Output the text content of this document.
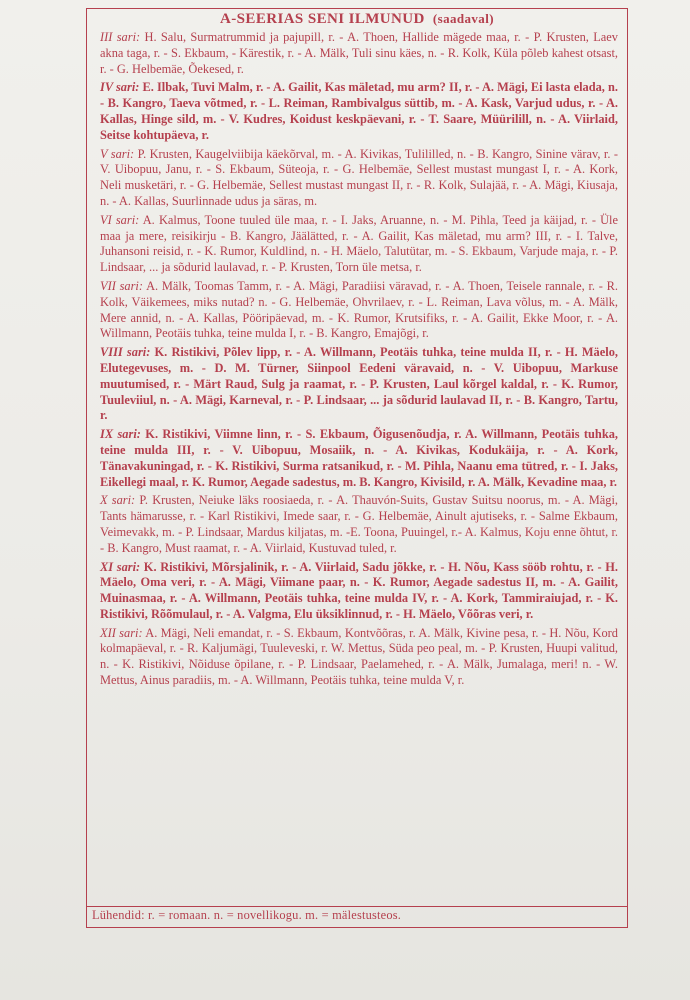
A-SEERIAS SENI ILMUNUD (saadaval)

III sari: H. Salu, Surmatrummid ja pajupill, r. - A. Thoen, Hallide mägede maa, r. - P. Krusten, Laev akna taga, r. - S. Ekbaum, - Kärestik, r. - A. Mälk, Tuli sinu käes, n. - R. Kolk, Küla põleb kahest otsast, r. - G. Helbemäe, Õekesed, r.

IV sari: E. Ilbak, Tuvi Malm, r. - A. Gailit, Kas mäletad, mu arm? II, r. - A. Mägi, Ei lasta elada, n. - B. Kangro, Taeva võtmed, r. - L. Reiman, Rambivalgus süttib, m. - A. Kask, Varjud udus, r. - A. Kallas, Hinge sild, m. - V. Kudres, Koidust keskpäevani, r. - T. Saare, Müürilill, n. - A. Viirlaid, Seitse kohtupäeva, r.

V sari: P. Krusten, Kaugelviibija käekõrval, m. - A. Kivikas, Tulililled, n. - B. Kangro, Sinine värav, r. - V. Uibopuu, Janu, r. - S. Ekbaum, Süteoja, r. - G. Helbemäe, Sellest mustast mungast I, r. - A. Kork, Neli musketäri, r. - G. Helbemäe, Sellest mustast mungast II, r. - R. Kolk, Sulajää, r. - A. Mägi, Kiusaja, n. - A. Kallas, Suurlinnade udus ja säras, m.

VI sari: A. Kalmus, Toone tuuled üle maa, r. - I. Jaks, Aruanne, n. - M. Pihla, Teed ja käijad, r. - Üle maa ja mere, reisikirju - B. Kangro, Jäälätted, r. - A. Gailit, Kas mäletad, mu arm? III, r. - I. Talve, Juhansoni reisid, r. - K. Rumor, Kuldlind, n. - H. Mäelo, Talutütar, m. - S. Ekbaum, Varjude maja, r. - P. Lindsaar, ... ja sõdurid laulavad, r. - P. Krusten, Torn üle metsa, r.

VII sari: A. Mälk, Toomas Tamm, r. - A. Mägi, Paradiisi väravad, r. - A. Thoen, Teisele rannale, r. - R. Kolk, Väikemees, miks nutad? n. - G. Helbemäe, Ohvrilaev, r. - L. Reiman, Lava võlus, m. - A. Mälk, Mere annid, n. - A. Kallas, Pööripäevad, m. - K. Rumor, Krutsifiks, r. - A. Gailit, Ekke Moor, r. - A. Willmann, Peotäis tuhka, teine mulda I, r. - B. Kangro, Emajõgi, r.

VIII sari: K. Ristikivi, Põlev lipp, r. - A. Willmann, Peotäis tuhka, teine mulda II, r. - H. Mäelo, Elutegevuses, m. - D. M. Türner, Siinpool Eedeni väravaid, n. - V. Uibopuu, Markuse muutumised, r. - Märt Raud, Sulg ja raamat, r. - P. Krusten, Laul kõrgel kaldal, r. - K. Rumor, Tuuleviiul, n. - A. Mägi, Karneval, r. - P. Lindsaar, ... ja sõdurid laulavad II, r. - B. Kangro, Tartu, r.

IX sari: K. Ristikivi, Viimne linn, r. - S. Ekbaum, Õigusenõudja, r. A. Willmann, Peotäis tuhka, teine mulda III, r. - V. Uibopuu, Mosaiik, n. - A. Kivikas, Kodukäija, r. - A. Kork, Tänavakuningad, r. - K. Ristikivi, Surma ratsanikud, r. - M. Pihla, Naanu ema tütred, r. - I. Jaks, Eikellegi maal, r. K. Rumor, Aegade sadestus, m. B. Kangro, Kivisild, r. A. Mälk, Kevadine maa, r.

X sari: P. Krusten, Neiuke läks roosiaeda, r. - A. Thauvón-Suits, Gustav Suitsu noorus, m. - A. Mägi, Tants hämarusse, r. - Karl Ristikivi, Imede saar, r. - G. Helbemäe, Ainult ajutiseks, r. - Salme Ekbaum, Veimevakk, m. - P. Lindsaar, Mardus kiljatas, m. -E. Toona, Puuingel, r.- A. Kalmus, Koju enne õhtut, r. - B. Kangro, Must raamat, r. - A. Viirlaid, Kustuvad tuled, r.

XI sari: K. Ristikivi, Mõrsjalinik, r. - A. Viirlaid, Sadu jõkke, r. - H. Nõu, Kass sööb rohtu, r. - H. Mäelo, Oma veri, r. - A. Mägi, Viimane paar, n. - K. Rumor, Aegade sadestus II, m. - A. Gailit, Muinasmaa, r. - A. Willmann, Peotäis tuhka, teine mulda IV, r. - A. Kork, Tammiraiujad, r. - K. Ristikivi, Rõõmulaul, r. - A. Valgma, Elu üksiklinnud, r. - H. Mäelo, Võõras veri, r.

XII sari: A. Mägi, Neli emandat, r. - S. Ekbaum, Kontvõõras, r. A. Mälk, Kivine pesa, r. - H. Nõu, Kord kolmapäeval, r. - R. Kaljumägi, Tuuleveski, r. W. Mettus, Süda peo peal, m. - P. Krusten, Huupi valitud, n. - K. Ristikivi, Nõiduse õpilane, r. - P. Lindsaar, Paelamehed, r. - A. Mälk, Jumalaga, meri! n. - W. Mettus, Ainus paradiis, m. - A. Willmann, Peotäis tuhka, teine mulda V, r.

Lühendid: r. = romaan. n. = novellikogu. m. = mälestusteos.
